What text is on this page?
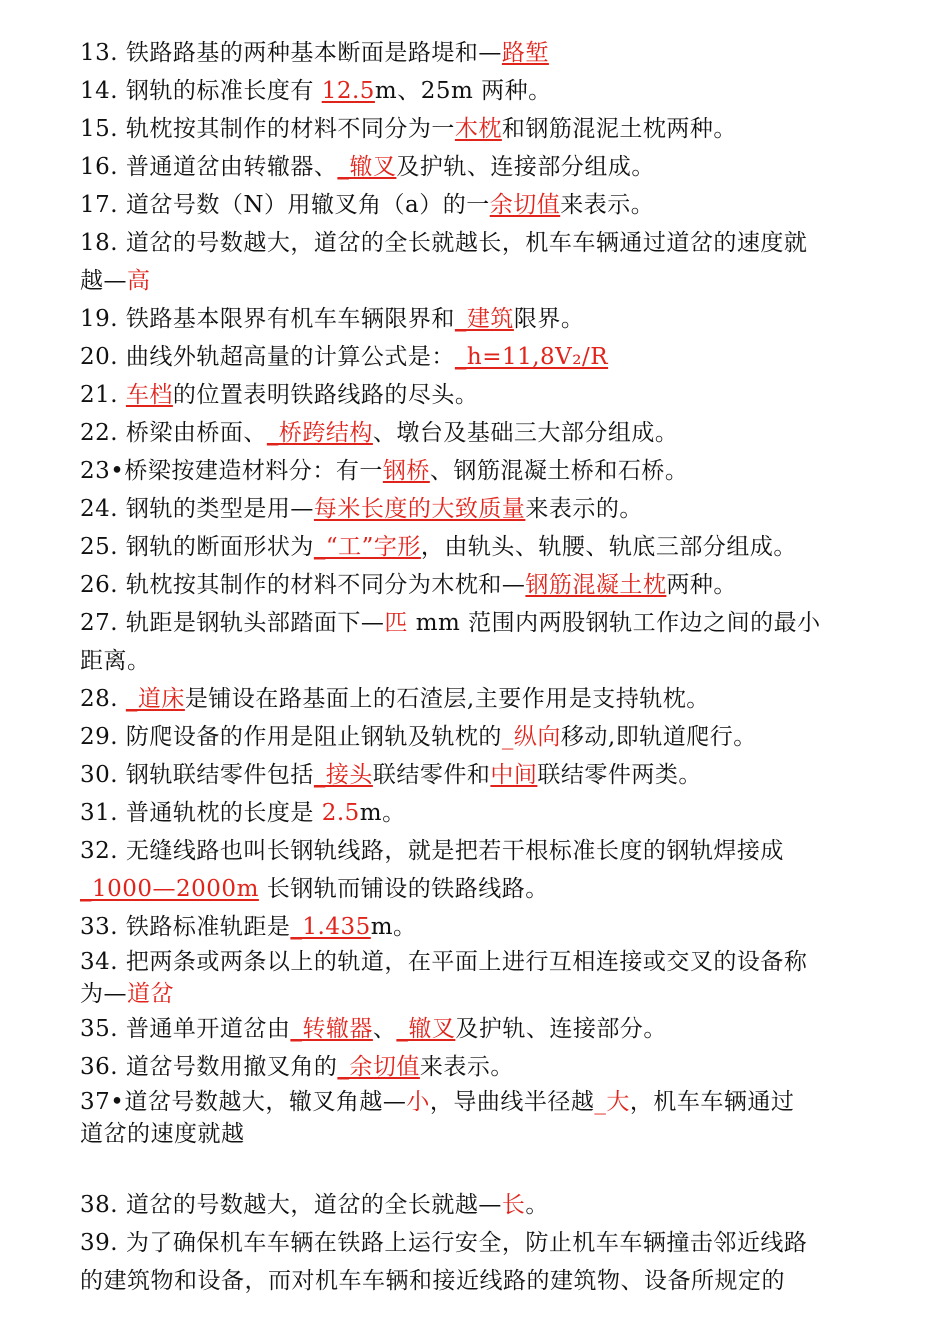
13. 铁路路基的两种基本断面是路堤和—路堑
14. 钢轨的标准长度有 12.5m、25m 两种。
15. 轨枕按其制作的材料不同分为一木枕和钢筋混泥土枕两种。
16. 普通道岔由转辙器、_辙叉及护轨、连接部分组成。
17. 道岔号数（N）用辙叉角（a）的一余切值来表示。
18. 道岔的号数越大，道岔的全长就越长，机车车辆通过道岔的速度就
越—高
19. 铁路基本限界有机车车辆限界和_建筑限界。
20. 曲线外轨超高量的计算公式是：_h=11,8V₂/R
21. 车档的位置表明铁路线路的尽头。
22. 桥梁由桥面、_桥跨结构、墩台及基础三大部分组成。
23•桥梁按建造材料分：有一钢桥、钢筋混凝土桥和石桥。
24. 钢轨的类型是用—每米长度的大致质量来表示的。
25. 钢轨的断面形状为_“工”字形，由轨头、轨腰、轨底三部分组成。
26. 轨枕按其制作的材料不同分为木枕和—钢筋混凝土枕两种。
27. 轨距是钢轨头部踏面下—匹 mm 范围内两股钢轨工作边之间的最小
距离。
28. _道床是铺设在路基面上的石渣层,主要作用是支持轨枕。
29. 防爬设备的作用是阻止钢轨及轨枕的_纵向移动,即轨道爬行。
30. 钢轨联结零件包括_接头联结零件和中间联结零件两类。
31. 普通轨枕的长度是 2.5m。
32. 无缝线路也叫长钢轨线路，就是把若干根标准长度的钢轨焊接成
_1000—2000m 长钢轨而铺设的铁路线路。
33. 铁路标准轨距是_1.435m。
34. 把两条或两条以上的轨道，在平面上进行互相连接或交叉的设备称
为—道岔
35. 普通单开道岔由_转辙器、_辙叉及护轨、连接部分。
36. 道岔号数用撤叉角的_余切值来表示。
37•道岔号数越大，辙叉角越—小，导曲线半径越_大，机车车辆通过
道岔的速度就越
38. 道岔的号数越大，道岔的全长就越—长。
39. 为了确保机车车辆在铁路上运行安全，防止机车车辆撞击邻近线路
的建筑物和设备，而对机车车辆和接近线路的建筑物、设备所规定的
